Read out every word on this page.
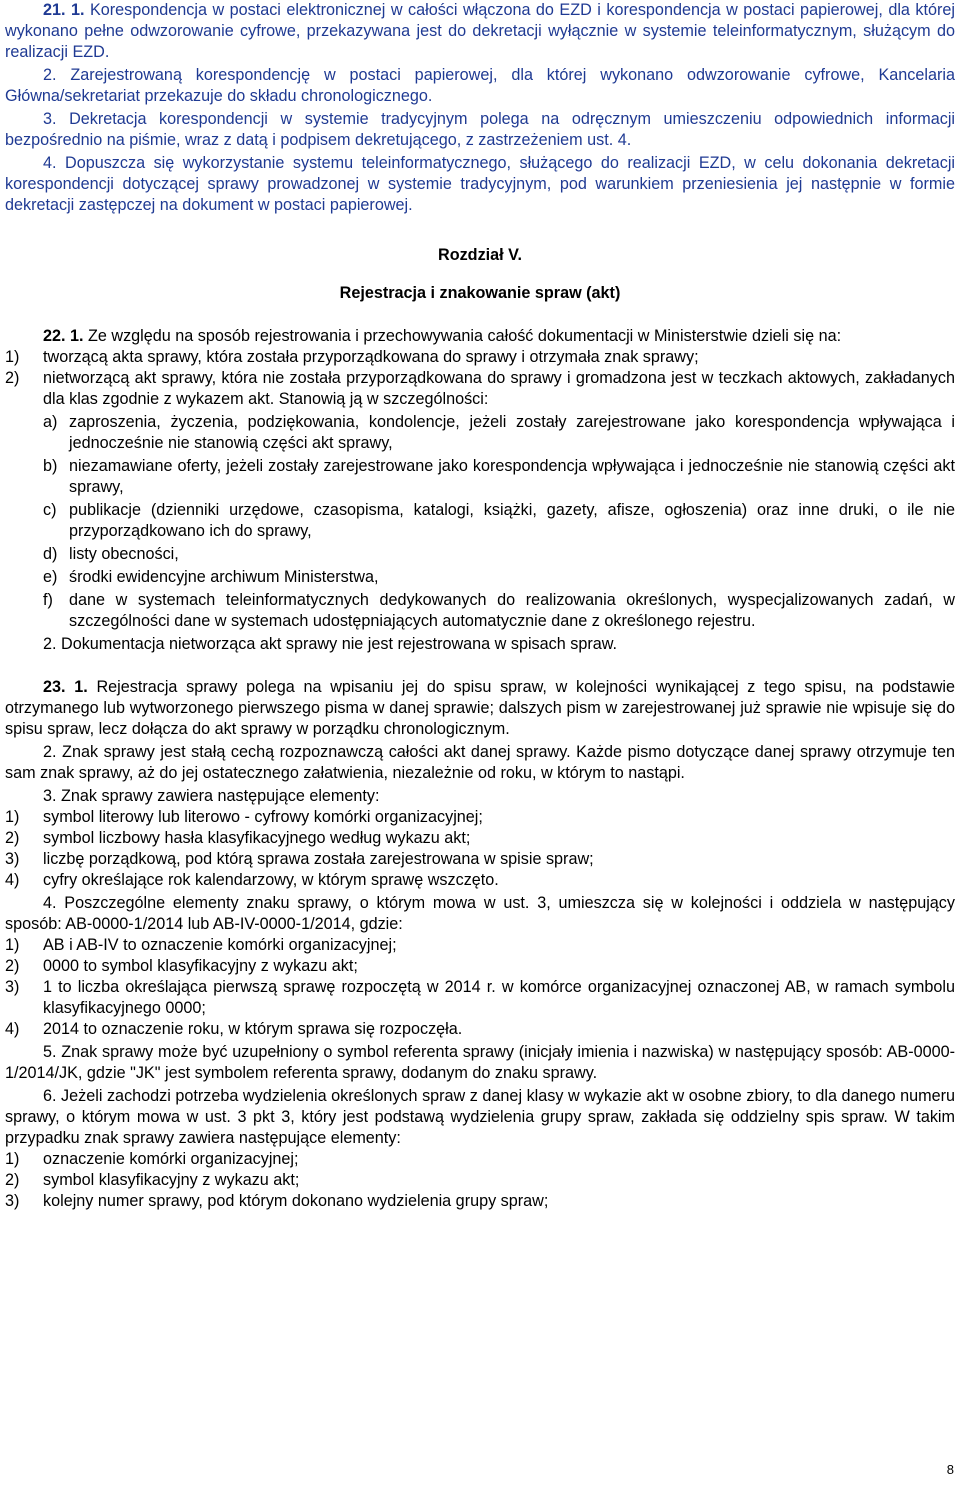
21. 1. Korespondencja w postaci elektronicznej w całości włączona do EZD i korespondencja w postaci papierowej, dla której wykonano pełne odwzorowanie cyfrowe, przekazywana jest do dekretacji wyłącznie w systemie teleinformatycznym, służącym do realizacji EZD.

2. Zarejestrowaną korespondencję w postaci papierowej, dla której wykonano odwzorowanie cyfrowe, Kancelaria Główna/sekretariat przekazuje do składu chronologicznego.

3. Dekretacja korespondencji w systemie tradycyjnym polega na odręcznym umieszczeniu odpowiednich informacji bezpośrednio na piśmie, wraz z datą i podpisem dekretującego, z zastrzeżeniem ust. 4.

4. Dopuszcza się wykorzystanie systemu teleinformatycznego, służącego do realizacji EZD, w celu dokonania dekretacji korespondencji dotyczącej sprawy prowadzonej w systemie tradycyjnym, pod warunkiem przeniesienia jej następnie w formie dekretacji zastępczej na dokument w postaci papierowej.

Rozdział V.

Rejestracja i znakowanie spraw (akt)

22. 1. Ze względu na sposób rejestrowania i przechowywania całość dokumentacji w Ministerstwie dzieli się na:

1)	tworzącą akta sprawy, która została przyporządkowana do sprawy i otrzymała znak sprawy;
2)	nietworzącą akt sprawy, która nie została przyporządkowana do sprawy i gromadzona jest w teczkach aktowych, zakładanych dla klas zgodnie z wykazem akt. Stanowią ją w szczególności:
a) zaproszenia, życzenia, podziękowania, kondolencje, jeżeli zostały zarejestrowane jako korespondencja wpływająca i jednocześnie nie stanowią części akt sprawy,
b) niezamawiane oferty, jeżeli zostały zarejestrowane jako korespondencja wpływająca i jednocześnie nie stanowią części akt sprawy,
c) publikacje (dzienniki urzędowe, czasopisma, katalogi, książki, gazety, afisze, ogłoszenia) oraz inne druki, o ile nie przyporządkowano ich do sprawy,
d) listy obecności,
e) środki ewidencyjne archiwum Ministerstwa,
f) dane w systemach teleinformatycznych dedykowanych do realizowania określonych, wyspecjalizowanych zadań, w szczególności dane w systemach udostępniających automatycznie dane z określonego rejestru.

2. Dokumentacja nietworząca akt sprawy nie jest rejestrowana w spisach spraw.

23. 1. Rejestracja sprawy polega na wpisaniu jej do spisu spraw, w kolejności wynikającej z tego spisu, na podstawie otrzymanego lub wytworzonego pierwszego pisma w danej sprawie; dalszych pism w zarejestrowanej już sprawie nie wpisuje się do spisu spraw, lecz dołącza do akt sprawy w porządku chronologicznym.

2. Znak sprawy jest stałą cechą rozpoznawczą całości akt danej sprawy. Każde pismo dotyczące danej sprawy otrzymuje ten sam znak sprawy, aż do jej ostatecznego załatwienia, niezależnie od roku, w którym to nastąpi.

3. Znak sprawy zawiera następujące elementy:

1)	symbol literowy lub literowo - cyfrowy komórki organizacyjnej;
2)	symbol liczbowy hasła klasyfikacyjnego według wykazu akt;
3)	liczbę porządkową, pod którą sprawa została zarejestrowana w spisie spraw;
4)	cyfry określające rok kalendarzowy, w którym sprawę wszczęto.

4. Poszczególne elementy znaku sprawy, o którym mowa w ust. 3, umieszcza się w kolejności i oddziela w następujący sposób: AB-0000-1/2014 lub AB-IV-0000-1/2014, gdzie:

1)	AB i AB-IV to oznaczenie komórki organizacyjnej;
2)	0000 to symbol klasyfikacyjny z wykazu akt;
3)	1 to liczba określająca pierwszą sprawę rozpoczętą w 2014 r. w komórce organizacyjnej oznaczonej AB, w ramach symbolu klasyfikacyjnego 0000;
4)	2014 to oznaczenie roku, w którym sprawa się rozpoczęła.

5. Znak sprawy może być uzupełniony o symbol referenta sprawy (inicjały imienia i nazwiska) w następujący sposób: AB-0000-1/2014/JK, gdzie "JK" jest symbolem referenta sprawy, dodanym do znaku sprawy.

6. Jeżeli zachodzi potrzeba wydzielenia określonych spraw z danej klasy w wykazie akt w osobne zbiory, to dla danego numeru sprawy, o którym mowa w ust. 3 pkt 3, który jest podstawą wydzielenia grupy spraw, zakłada się oddzielny spis spraw. W takim przypadku znak sprawy zawiera następujące elementy:

1)	oznaczenie komórki organizacyjnej;
2)	symbol klasyfikacyjny z wykazu akt;
3)	kolejny numer sprawy, pod którym dokonano wydzielenia grupy spraw;
8
